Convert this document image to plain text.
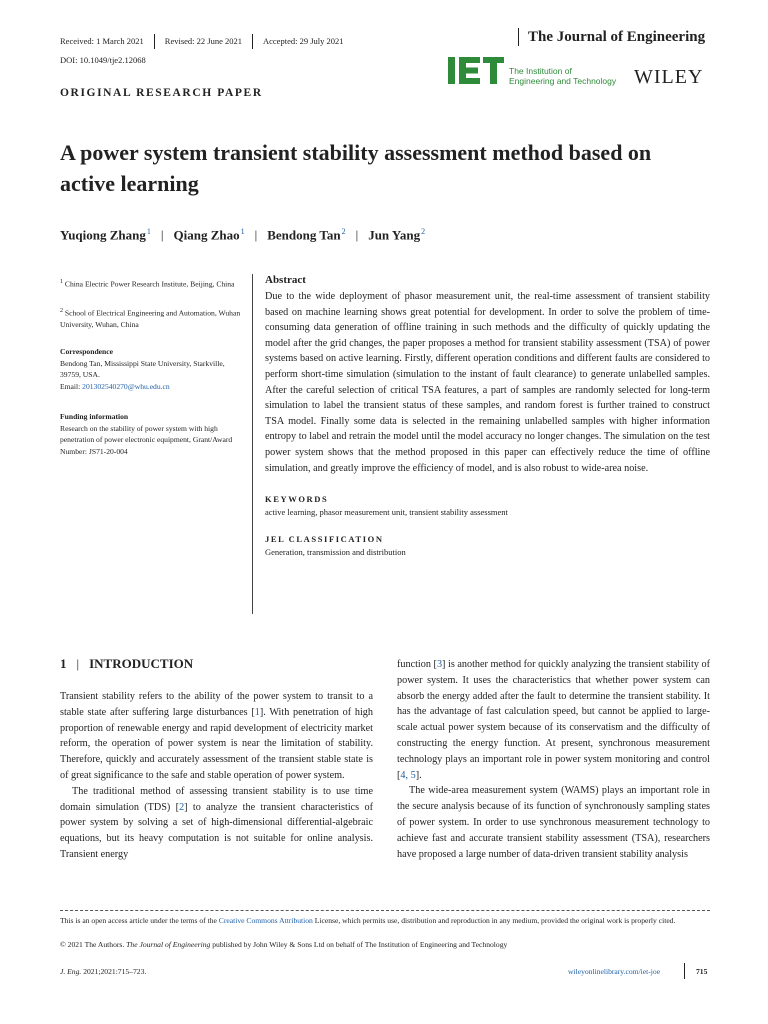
Received: 1 March 2021 Revised: 22 June 2021 Accepted: 29 July 2021	The Journal of Engineering
DOI: 10.1049/tje2.12068
The Institution of
Engineering and Technology WILEY
ORIGINAL RESEARCH PAPER
A power system transient stability assessment method based on active learning
Yuqiong Zhang$^1$ | Qiang Zhao$^1$ | Bendong Tan$^2$ | Jun Yang$^2$
$^1$ China Electric Power Research Institute, Beijing, China
$^2$ School of Electrical Engineering and Automation, Wuhan University, Wuhan, China
Correspondence
Bendong Tan, Mississippi State University, Starkville, 39759, USA.
Email: 201302540270@whu.edu.cn
Funding information
Research on the stability of power system with high penetration of power electronic equipment, Grant/Award Number: JS71-20-004
Abstract

Due to the wide deployment of phasor measurement unit, the real-time assessment of transient stability based on machine learning shows great potential for development. In order to solve the problem of time-consuming data generation of offline training in such methods and the difficulty of quickly updating the model after the grid changes, the paper proposes a method for transient stability assessment (TSA) of power systems based on active learning. Firstly, different operation conditions and different faults are considered to perform short-time simulation (simulation to the instant of fault clearance) to generate unlabelled samples. After the careful selection of critical TSA features, a part of samples are randomly selected for long-term simulation to label the transient status of these samples, and random forest is further trained to construct TSA model. Finally some data is selected in the remaining unlabelled samples with higher information entropy to label and retrain the model until the model accuracy no longer changes. The simulation on the test power system shows that the method proposed in this paper can effectively reduce the time of offline simulation, and greatly improve the efficiency of model, and is also robust to wide-area noise.

KEYWORDS
active learning, phasor measurement unit, transient stability assessment
JEL CLASSIFICATION
Generation, transmission and distribution
1 | INTRODUCTION

Transient stability refers to the ability of the power system to transit to a stable state after suffering large disturbances [1]. With penetration of high proportion of renewable energy and rapid development of electricity market reform, the operation of power system is near the limitation of stability. Therefore, quickly and accurately assessment of the transient stable state is of great significance to the safe and stable operation of power system.

The traditional method of assessing transient stability is to use time domain simulation (TDS) [2] to analyze the transient characteristics of power system by solving a set of high-dimensional differential-algebraic equations, but its heavy computation is not suitable for online analysis. Transient energy

function [3] is another method for quickly analyzing the transient stability of power system. It uses the characteristics that whether power system can absorb the energy added after the fault to determine the transient stability. It has the advantage of fast calculation speed, but cannot be applied to large-scale actual power system because of its conservatism and the difficulty of constructing the energy function. At present, synchronous measurement technology plays an important role in power system monitoring and control [4, 5].

The wide-area measurement system (WAMS) plays an important role in the secure analysis because of its function of synchronously sampling states of power system. In order to use synchronous measurement technology to achieve fast and accurate transient stability assessment (TSA), researchers have proposed a large number of data-driven transient stability analysis

This is an open access article under the terms of the Creative Commons Attribution License, which permits use, distribution and reproduction in any medium, provided the original work is properly cited.
© 2021 The Authors. The Journal of Engineering published by John Wiley & Sons Ltd on behalf of The Institution of Engineering and Technology
J. Eng. 2021;2021:715–723.	wileyonlinelibrary.com/iet-joe	715
